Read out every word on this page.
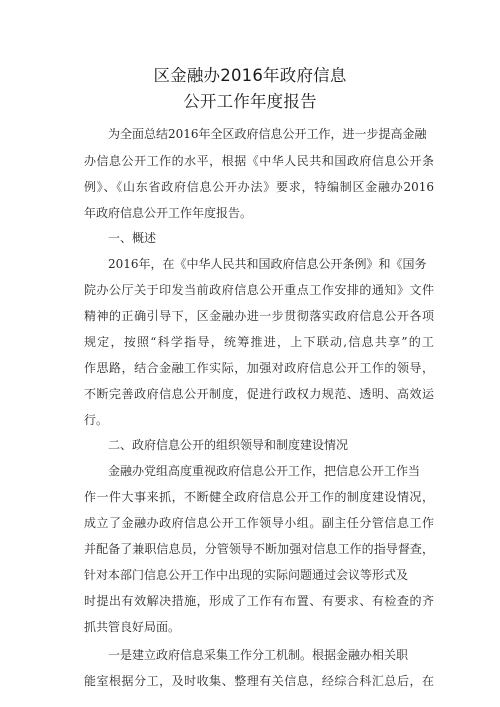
区金融办2016年政府信息
公开工作年度报告
为全面总结2016年全区政府信息公开工作，进一步提高金融
办信息公开工作的水平，根据《中华人民共和国政府信息公开条
例》、《山东省政府信息公开办法》要求，特编制区金融办2016
年政府信息公开工作年度报告。
一、概述
2016年，在《中华人民共和国政府信息公开条例》和《国务
院办公厅关于印发当前政府信息公开重点工作安排的通知》文件
精神的正确引导下，区金融办进一步贯彻落实政府信息公开各项
规定，按照“科学指导，统筹推进，上下联动,信息共享”的工
作思路，结合金融工作实际，加强对政府信息公开工作的领导，
不断完善政府信息公开制度，促进行政权力规范、透明、高效运
行。
二、政府信息公开的组织领导和制度建设情况
金融办党组高度重视政府信息公开工作，把信息公开工作当
作一件大事来抓，不断健全政府信息公开工作的制度建设情况，
成立了金融办政府信息公开工作领导小组。副主任分管信息工作
并配备了兼职信息员，分管领导不断加强对信息工作的指导督查，
针对本部门信息公开工作中出现的实际问题通过会议等形式及
时提出有效解决措施，形成了工作有布置、有要求、有检查的齐
抓共管良好局面。
一是建立政府信息采集工作分工机制。根据金融办相关职
能室根据分工，及时收集、整理有关信息，经综合科汇总后，在
